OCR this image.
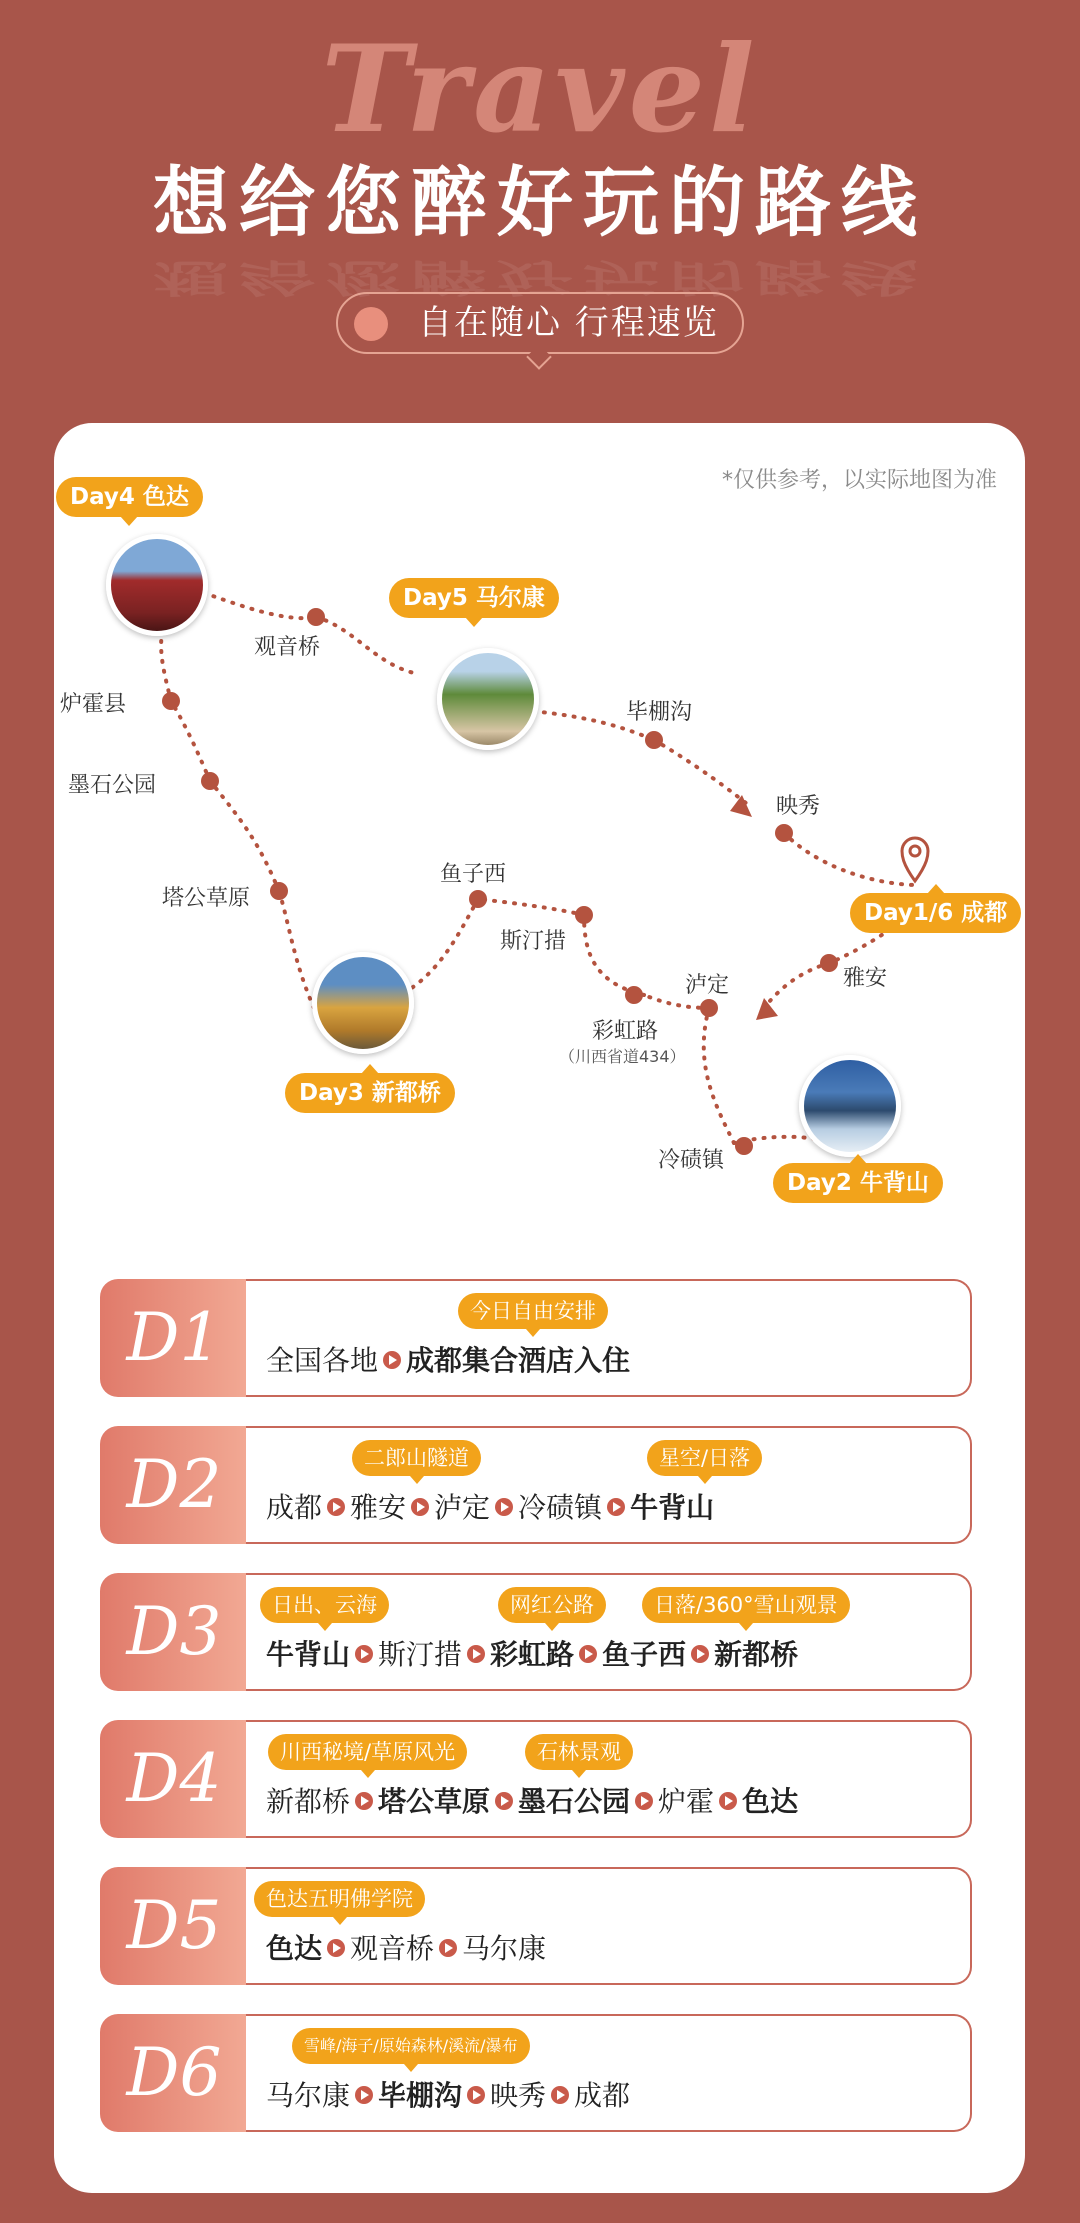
Travel
想给您醉好玩的路线
想给您醉好玩的路线
自在随心 行程速览
*仅供参考，以实际地图为准
Day4 色达
Day5 马尔康
Day1/6 成都
Day3 新都桥
Day2 牛背山
观音桥
炉霍县
墨石公园
塔公草原
毕棚沟
映秀
鱼子西
斯汀措
雅安
泸定
彩虹路
（川西省道434）
冷碛镇
D1	今日自由安排
全国各地 成都集合酒店入住
D2	二郎山隧道	星空/日落
成都 雅安 泸定 冷碛镇 牛背山
D3	日出、云海	网红公路	日落/360°雪山观景
牛背山 斯汀措 彩虹路 鱼子西 新都桥
D4	川西秘境/草原风光	石林景观
新都桥 塔公草原 墨石公园 炉霍 色达
D5	色达五明佛学院
色达 观音桥 马尔康
D6	雪峰/海子/原始森林/溪流/瀑布
马尔康 毕棚沟 映秀 成都
